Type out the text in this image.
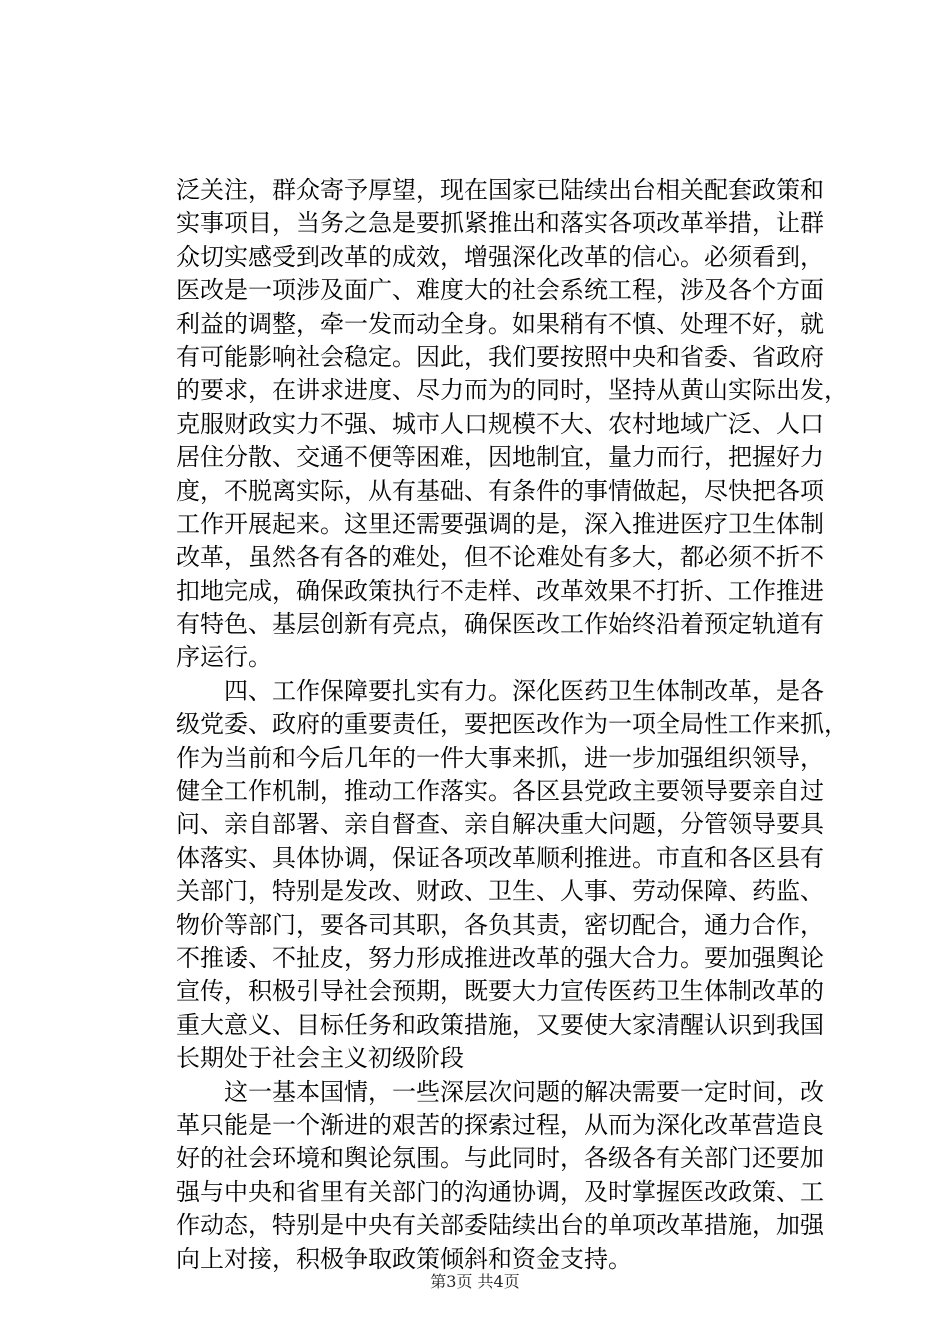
泛关注，群众寄予厚望，现在国家已陆续出台相关配套政策和
实事项目，当务之急是要抓紧推出和落实各项改革举措，让群
众切实感受到改革的成效，增强深化改革的信心。必须看到，
医改是一项涉及面广、难度大的社会系统工程，涉及各个方面
利益的调整，牵一发而动全身。如果稍有不慎、处理不好，就
有可能影响社会稳定。因此，我们要按照中央和省委、省政府
的要求，在讲求进度、尽力而为的同时，坚持从黄山实际出发，
克服财政实力不强、城市人口规模不大、农村地域广泛、人口
居住分散、交通不便等困难，因地制宜，量力而行，把握好力
度，不脱离实际，从有基础、有条件的事情做起，尽快把各项
工作开展起来。这里还需要强调的是，深入推进医疗卫生体制
改革，虽然各有各的难处，但不论难处有多大，都必须不折不
扣地完成，确保政策执行不走样、改革效果不打折、工作推进
有特色、基层创新有亮点，确保医改工作始终沿着预定轨道有
序运行。
　　四、工作保障要扎实有力。深化医药卫生体制改革，是各
级党委、政府的重要责任，要把医改作为一项全局性工作来抓，
作为当前和今后几年的一件大事来抓，进一步加强组织领导，
健全工作机制，推动工作落实。各区县党政主要领导要亲自过
问、亲自部署、亲自督查、亲自解决重大问题，分管领导要具
体落实、具体协调，保证各项改革顺利推进。市直和各区县有
关部门，特别是发改、财政、卫生、人事、劳动保障、药监、
物价等部门，要各司其职，各负其责，密切配合，通力合作，
不推诿、不扯皮，努力形成推进改革的强大合力。要加强舆论
宣传，积极引导社会预期，既要大力宣传医药卫生体制改革的
重大意义、目标任务和政策措施，又要使大家清醒认识到我国
长期处于社会主义初级阶段
　　这一基本国情，一些深层次问题的解决需要一定时间，改
革只能是一个渐进的艰苦的探索过程，从而为深化改革营造良
好的社会环境和舆论氛围。与此同时，各级各有关部门还要加
强与中央和省里有关部门的沟通协调，及时掌握医改政策、工
作动态，特别是中央有关部委陆续出台的单项改革措施，加强
向上对接，积极争取政策倾斜和资金支持。
第3页 共4页
